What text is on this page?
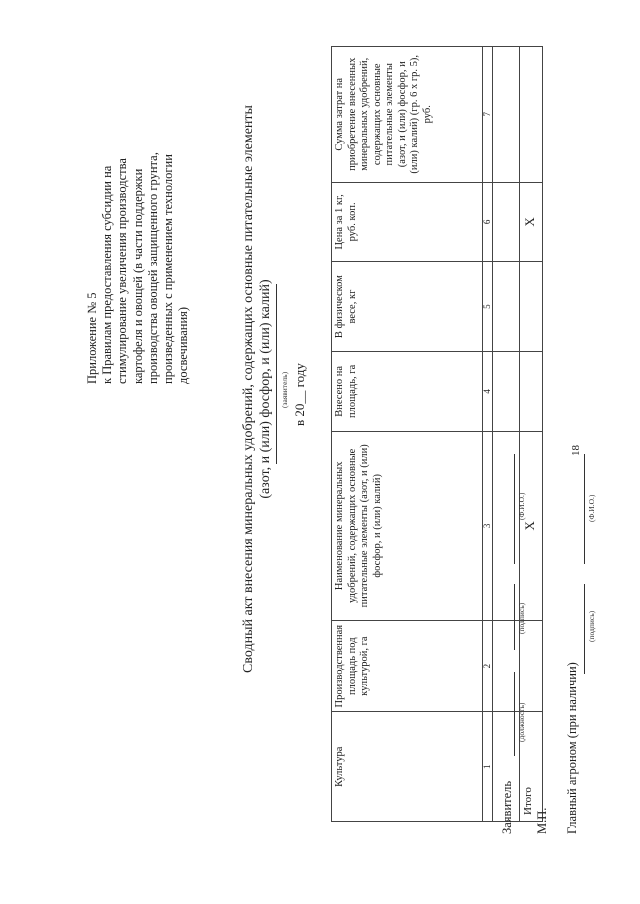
18
Приложение № 5 к Правилам предоставления субсидии на стимулирование увеличения производства картофеля и овощей (в части поддержки производства овощей защищенного грунта, произведенных с применением технологии досвечивания)	Сводный акт внесения минеральных удобрений, содержащих основные питательные элементы (азот, и (или) фосфор, и (или) калий) (заявитель) в 20__ году
Культура	Производственная площадь под культурой, га	Наименование минеральных удобрений, содержащих основные питательные элементы (азот, и (или) фосфор, и (или) калий)	Внесено на площадь, га	В физическом весе, кг	Цена за 1 кг, руб. коп.	Сумма затрат на приобретение внесенных минеральных удобрений, содержащих основные питательные элементы (азот, и (или) фосфор, и (или) калий) (гр. 6 x гр. 5), руб.
1	2	3	4	5	6	7

Итого		X			X	
Заявитель
(должность)
(подпись)
(Ф.И.О.)
М.П. Главный агроном (при наличии)
(подпись)
(Ф.И.О.)
